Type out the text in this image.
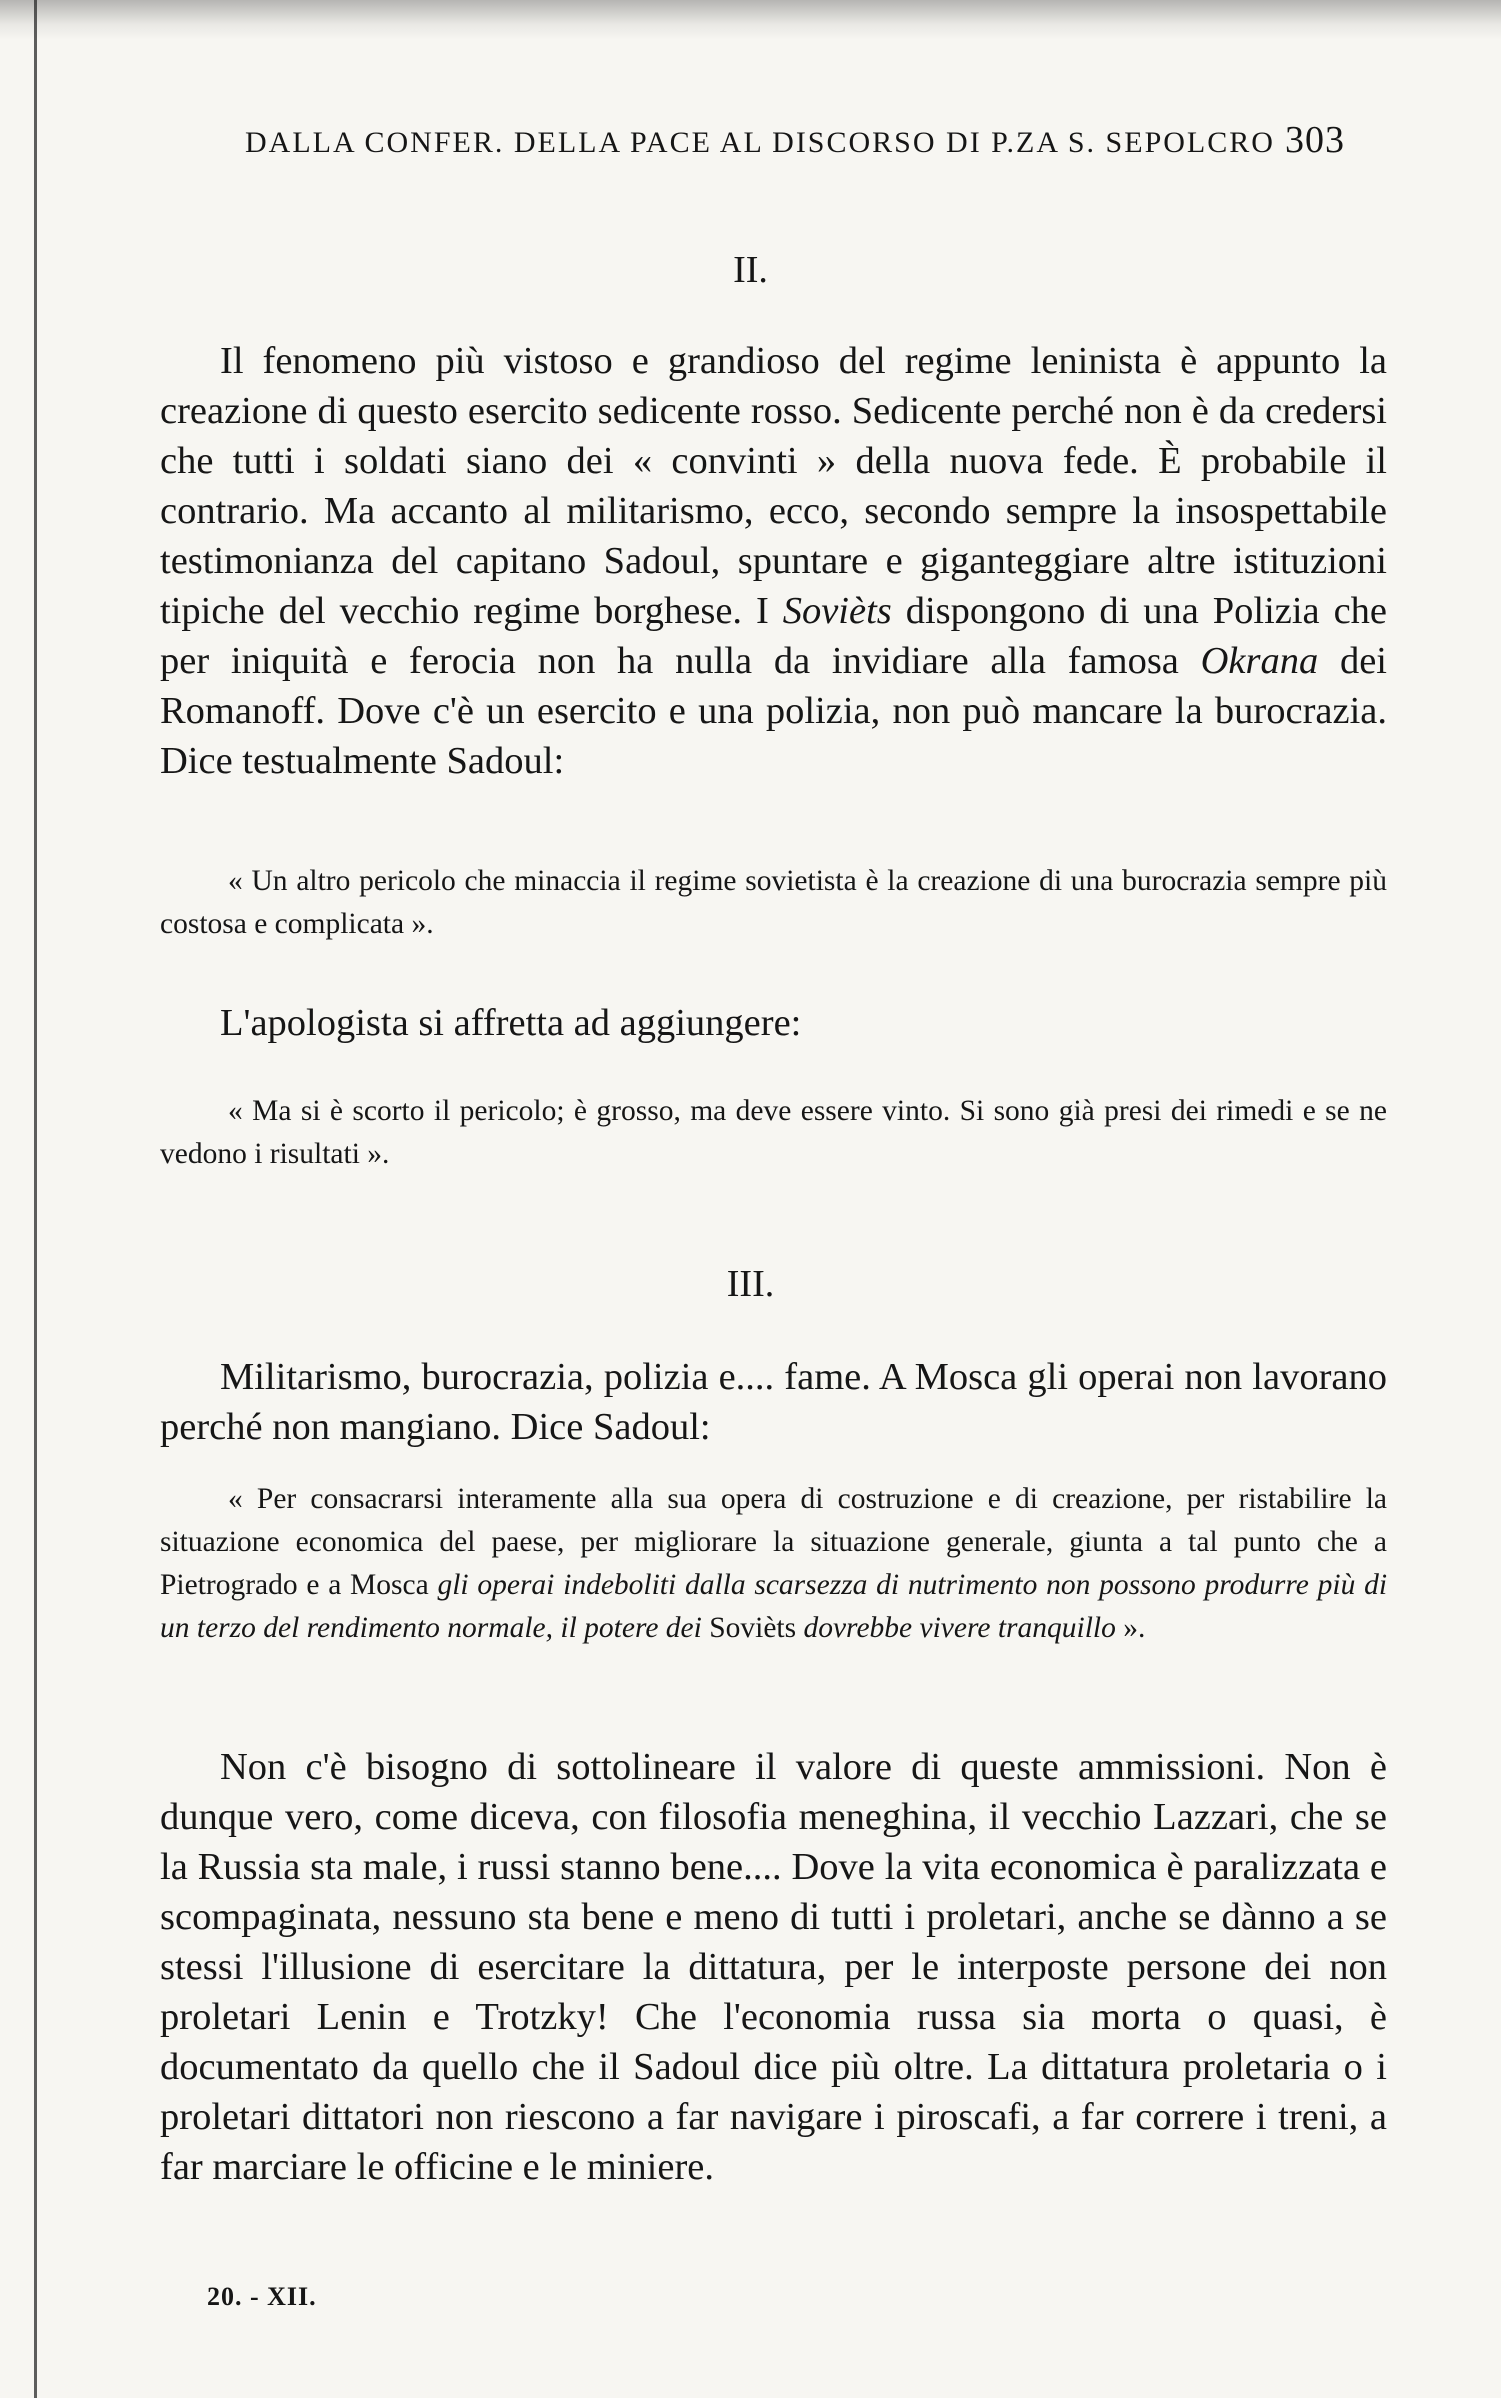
DALLA CONFER. DELLA PACE AL DISCORSO DI P.ZA S. SEPOLCRO 303
II.

Il fenomeno più vistoso e grandioso del regime leninista è appunto la creazione di questo esercito sedicente rosso. Sedicente perché non è da credersi che tutti i soldati siano dei « convinti » della nuova fede. È probabile il contrario. Ma accanto al militarismo, ecco, secondo sempre la insospettabile testimonianza del capitano Sadoul, spuntare e giganteggiare altre istituzioni tipiche del vecchio regime borghese. I Sovièts dispongono di una Polizia che per iniquità e ferocia non ha nulla da invidiare alla famosa Okrana dei Romanoff. Dove c'è un esercito e una polizia, non può mancare la burocrazia. Dice testualmente Sadoul:

« Un altro pericolo che minaccia il regime sovietista è la creazione di una burocrazia sempre più costosa e complicata ».

L'apologista si affretta ad aggiungere:

« Ma si è scorto il pericolo; è grosso, ma deve essere vinto. Si sono già presi dei rimedi e se ne vedono i risultati ».

III.

Militarismo, burocrazia, polizia e.... fame. A Mosca gli operai non lavorano perché non mangiano. Dice Sadoul:

« Per consacrarsi interamente alla sua opera di costruzione e di creazione, per ristabilire la situazione economica del paese, per migliorare la situazione generale, giunta a tal punto che a Pietrogrado e a Mosca gli operai indeboliti dalla scarsezza di nutrimento non possono produrre più di un terzo del rendimento normale, il potere dei Sovièts dovrebbe vivere tranquillo ».

Non c'è bisogno di sottolineare il valore di queste ammissioni. Non è dunque vero, come diceva, con filosofia meneghina, il vecchio Lazzari, che se la Russia sta male, i russi stanno bene.... Dove la vita economica è paralizzata e scompaginata, nessuno sta bene e meno di tutti i proletari, anche se dànno a se stessi l'illusione di esercitare la dittatura, per le interposte persone dei non proletari Lenin e Trotzky! Che l'economia russa sia morta o quasi, è documentato da quello che il Sadoul dice più oltre. La dittatura proletaria o i proletari dittatori non riescono a far navigare i piroscafi, a far correre i treni, a far marciare le officine e le miniere.

20. - XII.
